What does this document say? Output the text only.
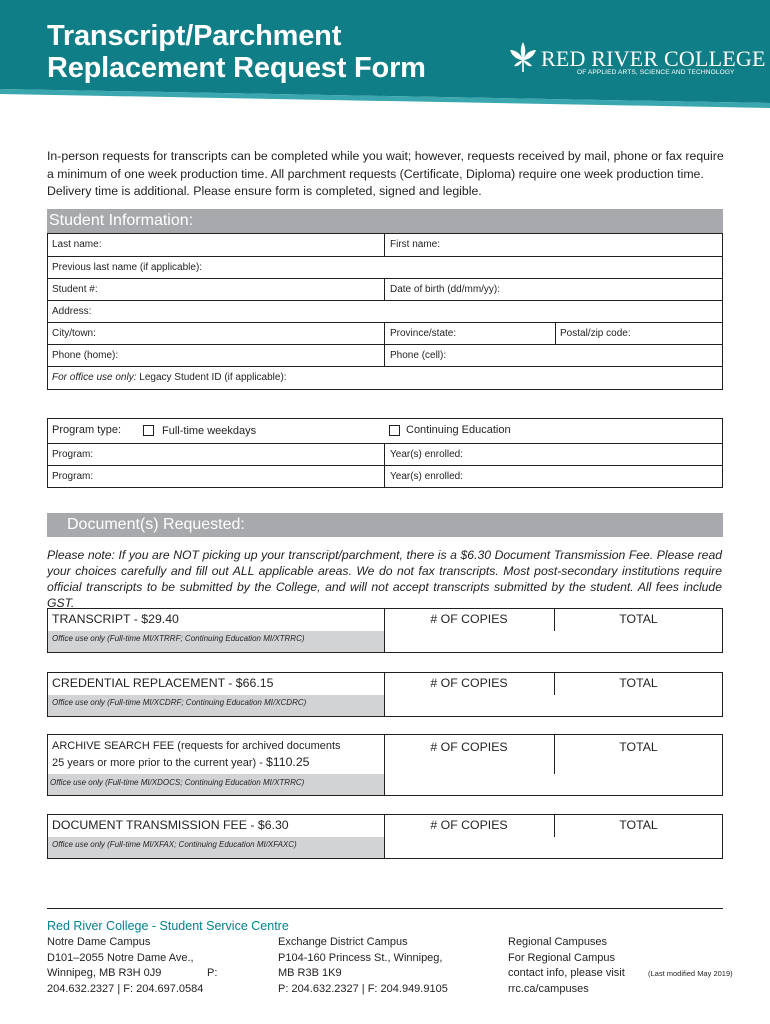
Transcript/Parchment
Replacement Request Form	RED RIVER COLLEGE
OF APPLIED ARTS, SCIENCE AND TECHNOLOGY
In-person requests for transcripts can be completed while you wait; however, requests received by mail, phone or fax require a minimum of one week production time. All parchment requests (Certificate, Diploma) require one week production time. Delivery time is additional. Please ensure form is completed, signed and legible.
Student Information:
Last name:	First name:
Previous last name (if applicable):
Student #:	Date of birth (dd/mm/yy):
Address:
City/town:	Province/state:	Postal/zip code:
Phone (home):	Phone (cell):
For office use only: Legacy Student ID (if applicable):
Program type:	Full-time weekdays	Continuing Education
Program:	Year(s) enrolled:
Program:	Year(s) enrolled:
Document(s) Requested:
Please note: If you are NOT picking up your transcript/parchment, there is a $6.30 Document Transmission Fee. Please read your choices carefully and fill out ALL applicable areas. We do not fax transcripts. Most post-secondary institutions require official transcripts to be submitted by the College, and will not accept transcripts submitted by the student. All fees include GST.
TRANSCRIPT - $29.40	# OF COPIES	TOTAL
Office use only (Full-time MI/XTRRF; Continuing Education MI/XTRRC)
CREDENTIAL REPLACEMENT - $66.15	# OF COPIES	TOTAL
Office use only (Full-time MI/XCDRF; Continuing Education MI/XCDRC)
ARCHIVE SEARCH FEE (requests for archived documents
25 years or more prior to the current year) - $110.25
# OF COPIES	TOTAL
Office use only (Full-time MI/XDOCS; Continuing Education MI/XTRRC)
DOCUMENT TRANSMISSION FEE - $6.30	# OF COPIES	TOTAL
Office use only (Full-time MI/XFAX; Continuing Education MI/XFAXC)
Red River College - Student Service Centre
Notre Dame Campus
D101–2055 Notre Dame Ave.,
Winnipeg, MB R3H 0J9
204.632.2327 | F: 204.697.0584
P:
Exchange District Campus
P104-160 Princess St., Winnipeg,
MB R3B 1K9
P: 204.632.2327 | F: 204.949.9105
Regional Campuses
For Regional Campus
contact info, please visit
rrc.ca/campuses
(Last modified May 2019)
